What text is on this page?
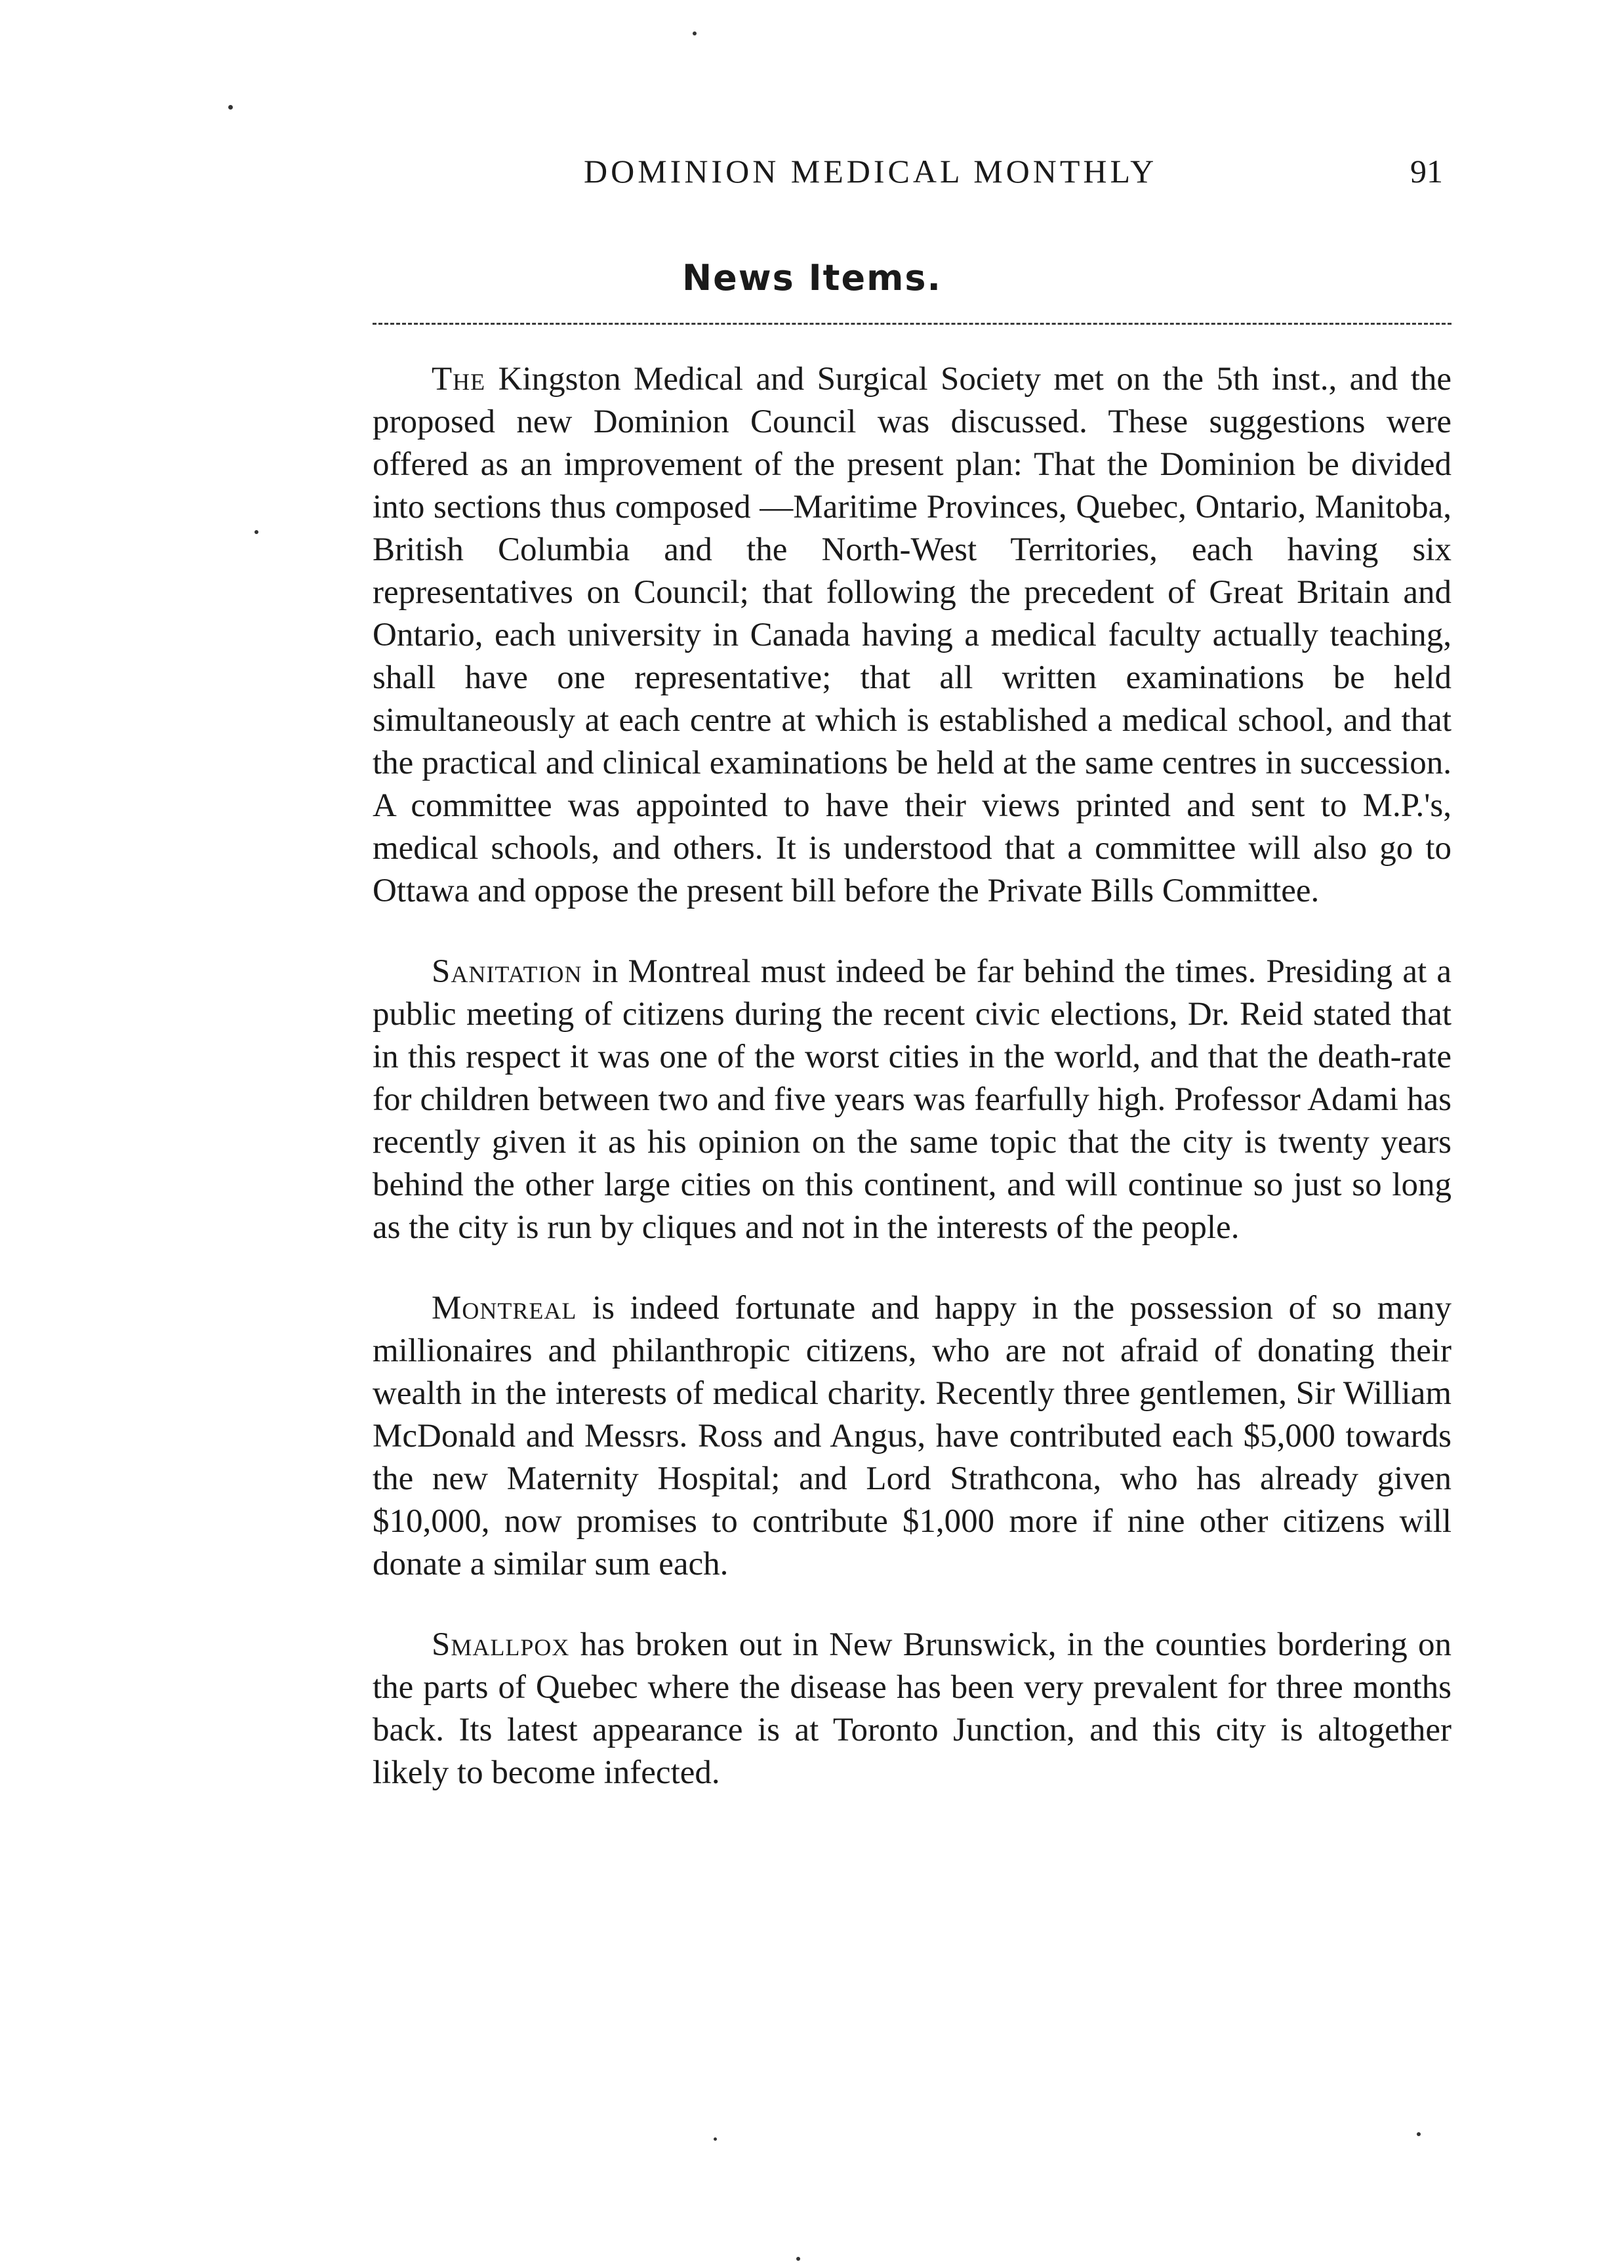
DOMINION MEDICAL MONTHLY	91
News Items.

The Kingston Medical and Surgical Society met on the 5th inst., and the proposed new Dominion Council was discussed. These suggestions were offered as an improvement of the present plan: That the Dominion be divided into sections thus composed —Maritime Provinces, Quebec, Ontario, Manitoba, British Columbia and the North-West Territories, each having six representatives on Council; that following the precedent of Great Britain and Ontario, each university in Canada having a medical faculty actually teaching, shall have one representative; that all written examinations be held simultaneously at each centre at which is established a medical school, and that the practical and clinical examinations be held at the same centres in succession. A committee was appointed to have their views printed and sent to M.P.'s, medical schools, and others. It is understood that a committee will also go to Ottawa and oppose the present bill before the Private Bills Committee.

Sanitation in Montreal must indeed be far behind the times. Presiding at a public meeting of citizens during the recent civic elections, Dr. Reid stated that in this respect it was one of the worst cities in the world, and that the death-rate for children between two and five years was fearfully high. Professor Adami has recently given it as his opinion on the same topic that the city is twenty years behind the other large cities on this continent, and will continue so just so long as the city is run by cliques and not in the interests of the people.

Montreal is indeed fortunate and happy in the possession of so many millionaires and philanthropic citizens, who are not afraid of donating their wealth in the interests of medical charity. Recently three gentlemen, Sir William McDonald and Messrs. Ross and Angus, have contributed each $5,000 towards the new Maternity Hospital; and Lord Strathcona, who has already given $10,000, now promises to contribute $1,000 more if nine other citizens will donate a similar sum each.

Smallpox has broken out in New Brunswick, in the counties bordering on the parts of Quebec where the disease has been very prevalent for three months back. Its latest appearance is at Toronto Junction, and this city is altogether likely to become infected.
